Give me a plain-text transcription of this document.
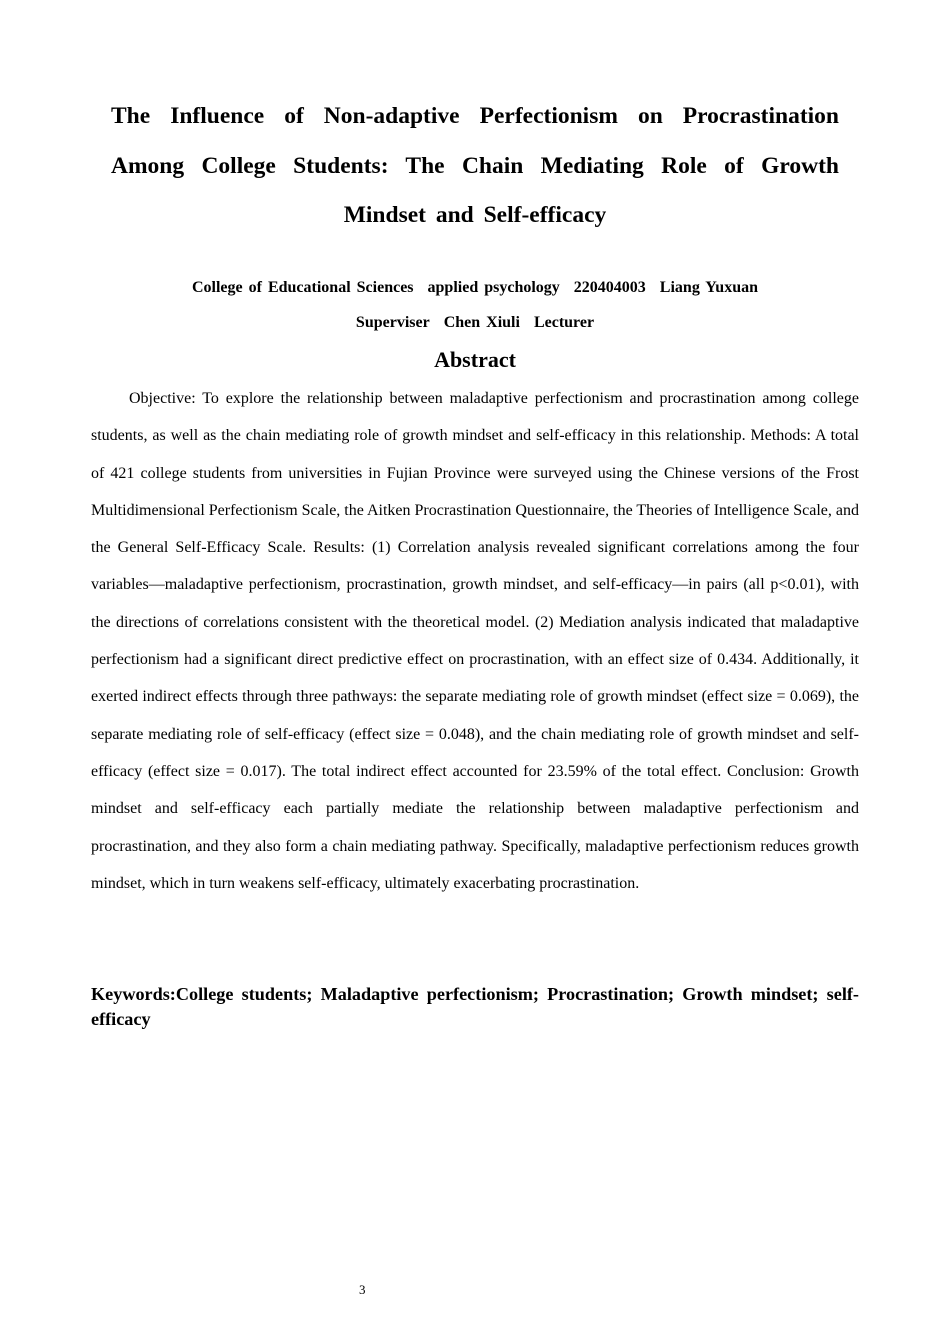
The Influence of Non-adaptive Perfectionism on Procrastination Among College Students: The Chain Mediating Role of Growth Mindset and Self-efficacy

College of Educational Sciences applied psychology 220404003 Liang Yuxuan

Superviser Chen Xiuli Lecturer

Abstract

Objective: To explore the relationship between maladaptive perfectionism and procrastination among college students, as well as the chain mediating role of growth mindset and self-efficacy in this relationship. Methods: A total of 421 college students from universities in Fujian Province were surveyed using the Chinese versions of the Frost Multidimensional Perfectionism Scale, the Aitken Procrastination Questionnaire, the Theories of Intelligence Scale, and the General Self-Efficacy Scale. Results: (1) Correlation analysis revealed significant correlations among the four variables—maladaptive perfectionism, procrastination, growth mindset, and self-efficacy—in pairs (all p<0.01), with the directions of correlations consistent with the theoretical model. (2) Mediation analysis indicated that maladaptive perfectionism had a significant direct predictive effect on procrastination, with an effect size of 0.434. Additionally, it exerted indirect effects through three pathways: the separate mediating role of growth mindset (effect size = 0.069), the separate mediating role of self-efficacy (effect size = 0.048), and the chain mediating role of growth mindset and self-efficacy (effect size = 0.017). The total indirect effect accounted for 23.59% of the total effect. Conclusion: Growth mindset and self-efficacy each partially mediate the relationship between maladaptive perfectionism and procrastination, and they also form a chain mediating pathway. Specifically, maladaptive perfectionism reduces growth mindset, which in turn weakens self-efficacy, ultimately exacerbating procrastination.

Keywords:College students; Maladaptive perfectionism; Procrastination; Growth mindset; self-efficacy

3
